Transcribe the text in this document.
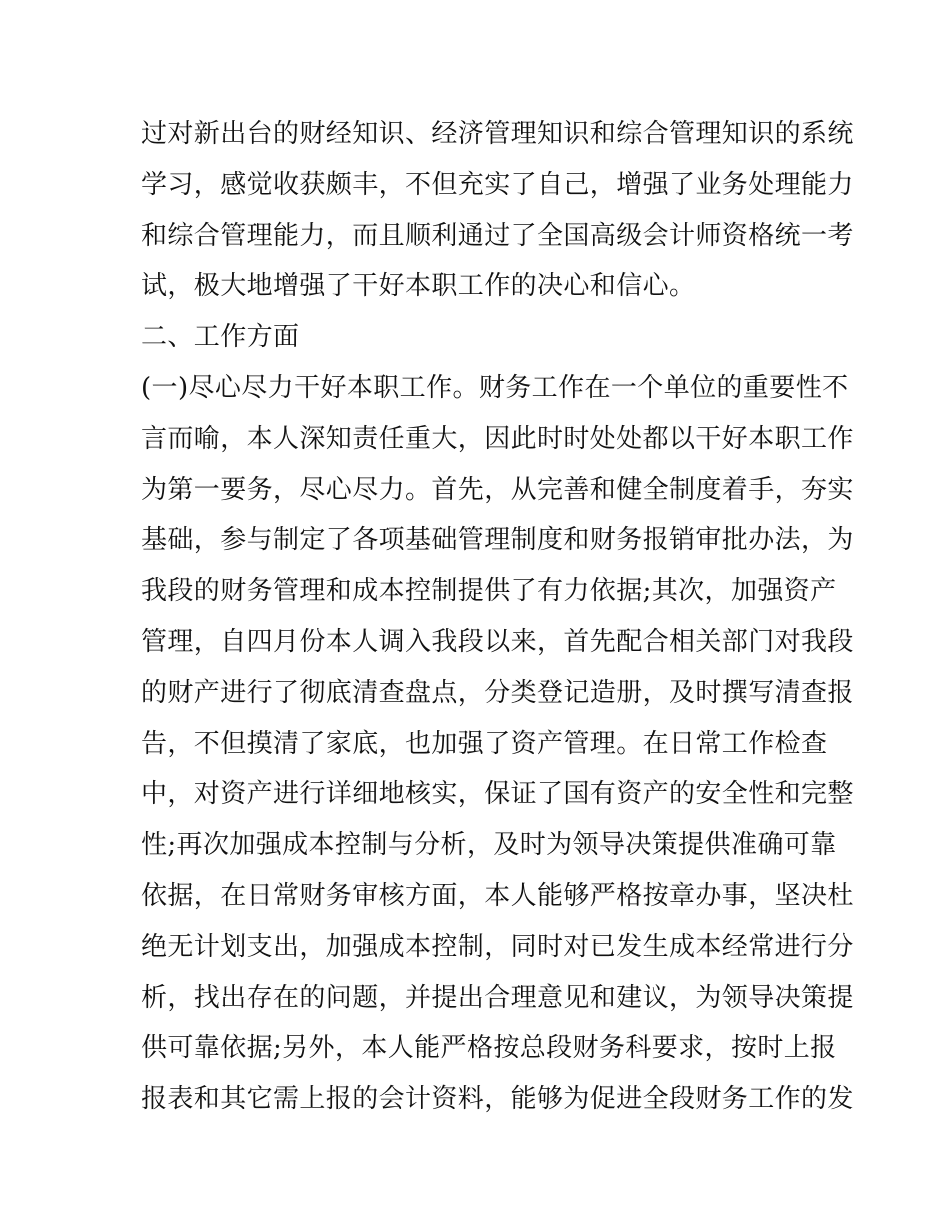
过对新出台的财经知识、经济管理知识和综合管理知识的系统
学习，感觉收获颇丰，不但充实了自己，增强了业务处理能力
和综合管理能力，而且顺利通过了全国高级会计师资格统一考
试，极大地增强了干好本职工作的决心和信心。
二、工作方面
(一)尽心尽力干好本职工作。财务工作在一个单位的重要性不
言而喻，本人深知责任重大，因此时时处处都以干好本职工作
为第一要务，尽心尽力。首先，从完善和健全制度着手，夯实
基础，参与制定了各项基础管理制度和财务报销审批办法，为
我段的财务管理和成本控制提供了有力依据;其次，加强资产
管理，自四月份本人调入我段以来，首先配合相关部门对我段
的财产进行了彻底清查盘点，分类登记造册，及时撰写清查报
告，不但摸清了家底，也加强了资产管理。在日常工作检查
中，对资产进行详细地核实，保证了国有资产的安全性和完整
性;再次加强成本控制与分析，及时为领导决策提供准确可靠
依据，在日常财务审核方面，本人能够严格按章办事，坚决杜
绝无计划支出，加强成本控制，同时对已发生成本经常进行分
析，找出存在的问题，并提出合理意见和建议，为领导决策提
供可靠依据;另外，本人能严格按总段财务科要求，按时上报
报表和其它需上报的会计资料，能够为促进全段财务工作的发
